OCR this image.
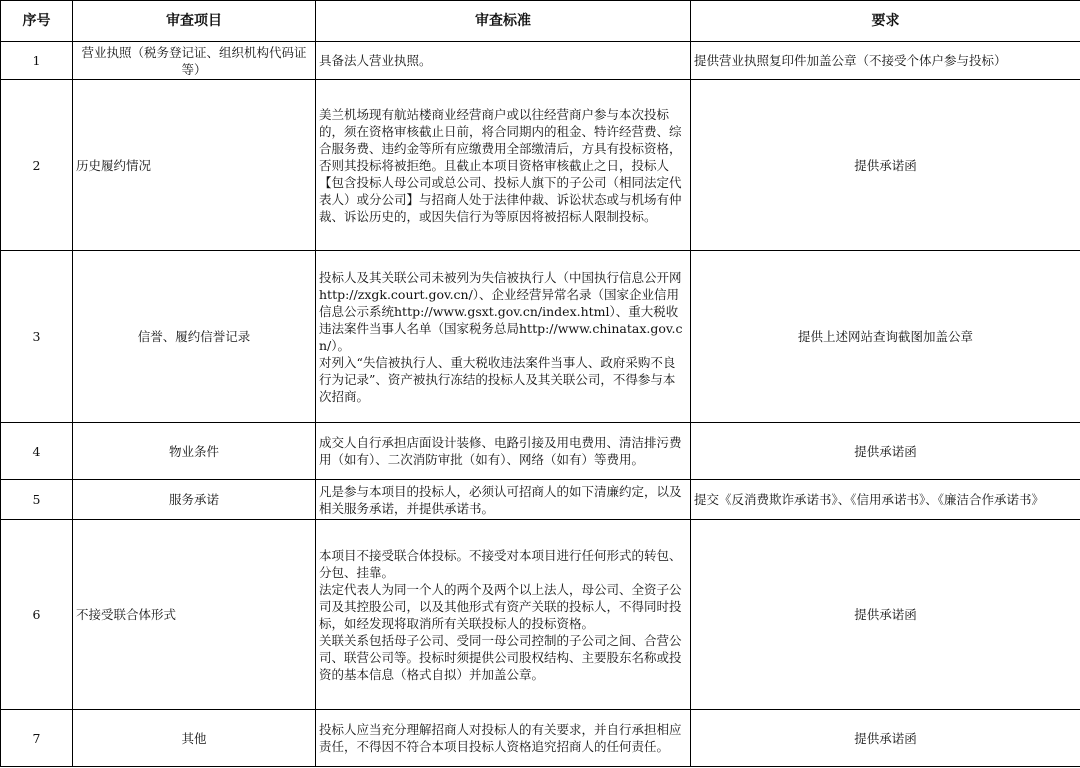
序号	审查项目	审查标准	要求
1	营业执照（税务登记证、组织机构代码证等）	具备法人营业执照。	提供营业执照复印件加盖公章（不接受个体户参与投标）
2	历史履约情况	美兰机场现有航站楼商业经营商户或以往经营商户参与本次投标的，须在资格审核截止日前，将合同期内的租金、特许经营费、综合服务费、违约金等所有应缴费用全部缴清后，方具有投标资格，否则其投标将被拒绝。且截止本项目资格审核截止之日，投标人【包含投标人母公司或总公司、投标人旗下的子公司（相同法定代表人）或分公司】与招商人处于法律仲裁、诉讼状态或与机场有仲裁、诉讼历史的，或因失信行为等原因将被招标人限制投标。	提供承诺函
3	信誉、履约信誉记录	投标人及其关联公司未被列为失信被执行人（中国执行信息公开网http://zxgk.court.gov.cn/）、企业经营异常名录（国家企业信用信息公示系统http://www.gsxt.gov.cn/index.html）、重大税收违法案件当事人名单（国家税务总局http://www.chinatax.gov.cn/）。
对列入“失信被执行人、重大税收违法案件当事人、政府采购不良行为记录”、资产被执行冻结的投标人及其关联公司，不得参与本次招商。	提供上述网站查询截图加盖公章
4	物业条件	成交人自行承担店面设计装修、电路引接及用电费用、清洁排污费用（如有）、二次消防审批（如有）、网络（如有）等费用。	提供承诺函
5	服务承诺	凡是参与本项目的投标人，必须认可招商人的如下清廉约定，以及相关服务承诺，并提供承诺书。	提交《反消费欺诈承诺书》、《信用承诺书》、《廉洁合作承诺书》
6	不接受联合体形式	本项目不接受联合体投标。不接受对本项目进行任何形式的转包、分包、挂靠。
法定代表人为同一个人的两个及两个以上法人，母公司、全资子公司及其控股公司，以及其他形式有资产关联的投标人，不得同时投标，如经发现将取消所有关联投标人的投标资格。
关联关系包括母子公司、受同一母公司控制的子公司之间、合营公司、联营公司等。投标时须提供公司股权结构、主要股东名称或投资的基本信息（格式自拟）并加盖公章。	提供承诺函
7	其他	投标人应当充分理解招商人对投标人的有关要求，并自行承担相应责任，不得因不符合本项目投标人资格追究招商人的任何责任。	提供承诺函
